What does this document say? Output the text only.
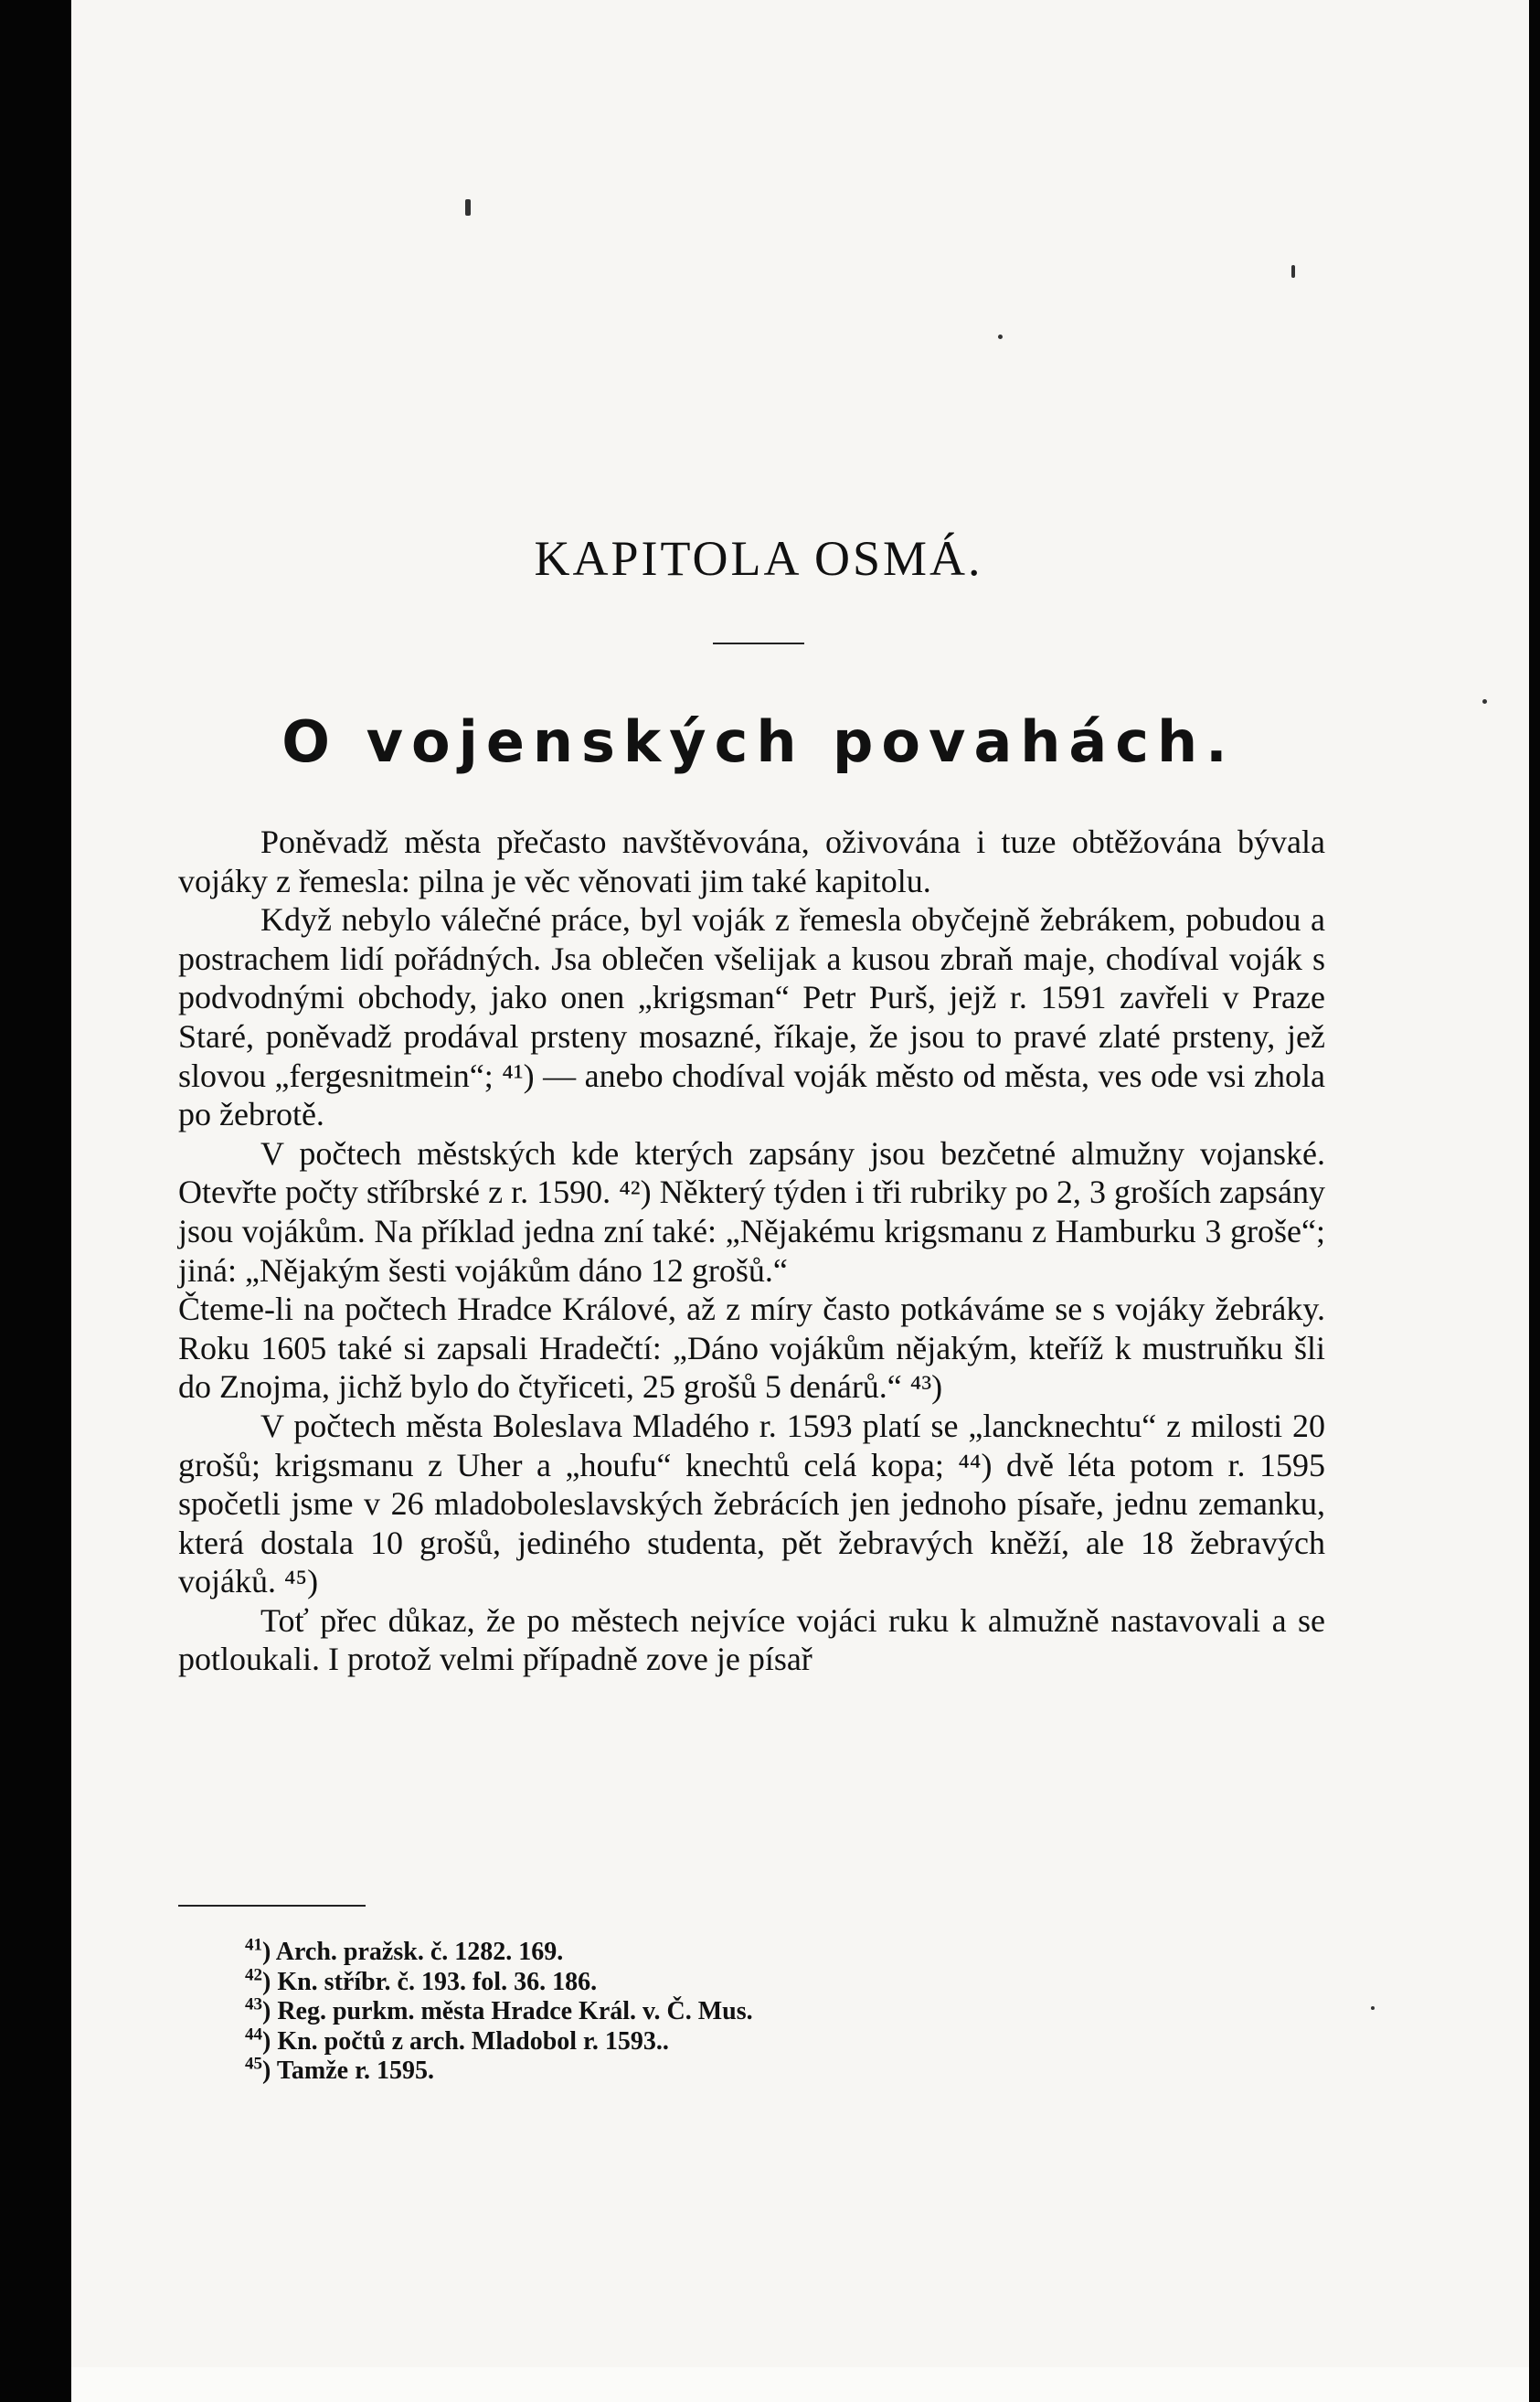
KAPITOLA OSMÁ.
O vojenských povahách.

Poněvadž města přečasto navštěvována, oživována i tuze obtěžována bývala vojáky z řemesla: pilna je věc věnovati jim také kapitolu.

Když nebylo válečné práce, byl voják z řemesla obyčejně žebrákem, pobudou a postrachem lidí pořádných. Jsa oblečen všelijak a kusou zbraň maje, chodíval voják s podvodnými obchody, jako onen „krigsman“ Petr Purš, jejž r. 1591 zavřeli v Praze Staré, poněvadž prodával prsteny mosazné, říkaje, že jsou to pravé zlaté prsteny, jež slovou „fergesnitmein“; ⁴¹) — anebo chodíval voják město od města, ves ode vsi zhola po žebrotě.

V počtech městských kde kterých zapsány jsou bezčetné almužny vojanské. Otevřte počty stříbrské z r. 1590. ⁴²) Některý týden i tři rubriky po 2, 3 groších zapsány jsou vojákům. Na příklad jedna zní také: „Nějakému krigsmanu z Hamburku 3 groše“; jiná: „Nějakým šesti vojákům dáno 12 grošů.“

Čteme-li na počtech Hradce Králové, až z míry často potkáváme se s vojáky žebráky. Roku 1605 také si zapsali Hradečtí: „Dáno vojákům nějakým, kteříž k mustruňku šli do Znojma, jichž bylo do čtyřiceti, 25 grošů 5 denárů.“ ⁴³)

V počtech města Boleslava Mladého r. 1593 platí se „lancknechtu“ z milosti 20 grošů; krigsmanu z Uher a „houfu“ knechtů celá kopa; ⁴⁴) dvě léta potom r. 1595 spočetli jsme v 26 mladoboleslavských žebrácích jen jednoho písaře, jednu zemanku, která dostala 10 grošů, jediného studenta, pět žebravých kněží, ale 18 žebravých vojáků. ⁴⁵)

Toť přec důkaz, že po městech nejvíce vojáci ruku k almužně nastavovali a se potloukali. I protož velmi případně zove je písař

$^{41}$) Arch. pražsk. č. 1282. 169.
$^{42}$) Kn. stříbr. č. 193. fol. 36. 186.
$^{43}$) Reg. purkm. města Hradce Král. v. Č. Mus.
$^{44}$) Kn. počtů z arch. Mladobol r. 1593..
$^{45}$) Tamže r. 1595.
